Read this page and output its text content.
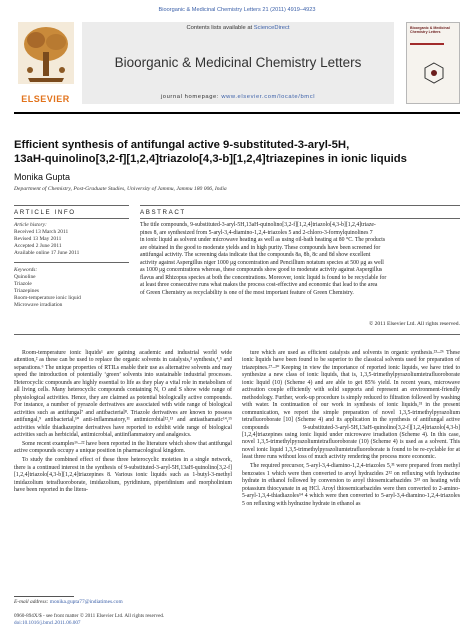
Bioorganic & Medicinal Chemistry Letters 21 (2011) 4919–4923
ELSEVIER
Contents lists available at ScienceDirect
Bioorganic & Medicinal Chemistry Letters
journal homepage: www.elsevier.com/locate/bmcl
Bioorganic & Medicinal Chemistry Letters
Efficient synthesis of antifungal active 9-substituted-3-aryl-5H,
13aH-quinolino[3,2-f][1,2,4]triazolo[4,3-b][1,2,4]triazepines in ionic liquids
Monika Gupta
Department of Chemistry, Post-Graduate Studies, University of Jammu, Jammu 180 006, India
ARTICLE INFO
Article history:
Received 13 March 2011
Revised 13 May 2011
Accepted 2 June 2011
Available online 17 June 2011
Keywords:
Quinoline
Triazole
Triazepines
Room-temperature ionic liquid
Microwave irradiation
ABSTRACT
The title compounds, 9-substituted-3-aryl-5H,13aH-quinolino[3,2-f][1,2,4]triazolo[4,3-b][1,2,4]triaze-
pines 8, are synthesized from 5-aryl-3,4-diamino-1,2,4-triazoles 5 and 2-chloro-3-formylquinolines 7
in ionic liquid as solvent under microwave heating as well as using oil-bath heating at 80 °C. The products
are obtained in the good to moderate yields and in high purity. These compounds have been screened for
antifungal activity. The screening data indicate that the compounds 8a, 8b, 8c and 8d show excellent
activity against Aspergillus niger 1000 μg concentration and Pencillium notatum species at 500 μg as well
as 1000 μg concentrations whereas, these compounds show good to moderate activity against Aspergillus
flavus and Rhizopus species at both the concentrations. Moreover, ionic liquid is found to be recyclable for
at least three consecutive runs what makes the process cost-effective and economic that lead to the area
of Green Chemistry as recyclability is one of the most important feature of Green Chemistry.
© 2011 Elsevier Ltd. All rights reserved.

Room-temperature ionic liquids¹ are gaining academic and industrial world wide attention,² as these can be used to replace the organic solvents in catalysis,³ synthesis,⁴,⁵ and separations.⁶ The unique properties of RTILs enable their use as alternative solvents and may speed the introduction of potentially ‘green’ solvents into sustainable industrial processes. Heterocyclic compounds are highly essential to life as they play a vital role in metabolism of all living cells. Many heterocyclic compounds containing N, O and S show wide range of physiological activities. Hence, they are claimed as potential biologically active compounds. For instance, a number of pyrazole derivatives are associated with wide range of biological activities such as antifungal⁷ and antibacterial⁸. Triazole derivatives are known to possess antifungal,⁹ antibacterial,¹⁰ anti-inflammatory,¹¹ antimicrobial¹²,¹³ and antiasthamatic¹⁴,¹⁵ activities while thiadiazepine derivatives have reported to exhibit wide range of biological activities such as herbicidal, antimicrobial, antiinflammatory and analgesics.

Some recent examples¹⁶–²² have been reported in the literature which show that antifungal active compounds occupy a unique position in pharmacological kingdom.

To study the combined effect of these three heterocyclic moieties in a single network, there is a continued interest in the synthesis of 9-substituted-3-aryl-5H,13aH-quinolino[3,2-f][1,2,4]triazolo[4,3-b][1,2,4]triazepines 8. Various ionic liquids such as 1-butyl-3-methyl imidazolium tetrafluoroborate, imidazolium, pyridinium, piperidinium and morpholinium have been reported in the litera-

ture which are used as efficient catalysts and solvents in organic synthesis.²³–²⁶ These ionic liquids have been found to be superior to the classical solvents used for preparation of triazepines.²⁷–³⁰ Keeping in view the importance of reported ionic liquids, we have tried to synthesize a new class of ionic liquids, that is, 1,3,5-trimethylpyrazoliumtetrafluoroborate ionic liquid (10) (Scheme 4) and are able to get 85% yield. In recent years, microwave activation couple efficiently with solid supports and represent an environment-friendly methodology. Further, work-up procedure is simply reduced to filtration followed by washing with water. In continuation of our work in synthesis of ionic liquids,³¹ in the present communication, we report the simple preparation of novel 1,3,5-trimethylpyrazolium tetrafluoroborate [10] (Scheme 4) and its application in the synthesis of antifungal active compounds 9-substituted-3-aryl-5H,13aH-quinolino[3,2-f][1,2,4]triazolo[4,3-b][1,2,4]triazepines using ionic liquid under microwave irradiation (Scheme 4). In this case, novel 1,3,5-trimethylpyrazoliumtetrafluoroborate (10) (Scheme 4) is used as a solvent. This novel ionic liquid 1,3,5-trimethylpyrazoliumtetrafluoroborate is found to be re-cyclable for at least three runs without loss of much activity rendering the process more economic.

The required precursor, 5-aryl-3,4-diamino-1,2,4-triazoles 5,³¹ were prepared from methyl benzoates 1 which were then converted to aroyl hydrazides 2³² on refluxing with hydrazine hydrate in ethanol followed by conversion to aroyl thiosemicarbazides 3³³ on heating with potassium thiocyanate in aq HCl. Aroyl thiosemicarbazides were then converted to 2-amino-5-aryl-1,3,4-thiadiazoles⁵⁴ 4 which were then converted to 5-aryl-3,4-diamino-1,2,4-triazoles 5 on refluxing with hydrazine hydrate in ethanol as

E-mail address: monika.gupta77@indiatimes.com
0960-894X/$ - see front matter © 2011 Elsevier Ltd. All rights reserved.
doi:10.1016/j.bmcl.2011.06.007
